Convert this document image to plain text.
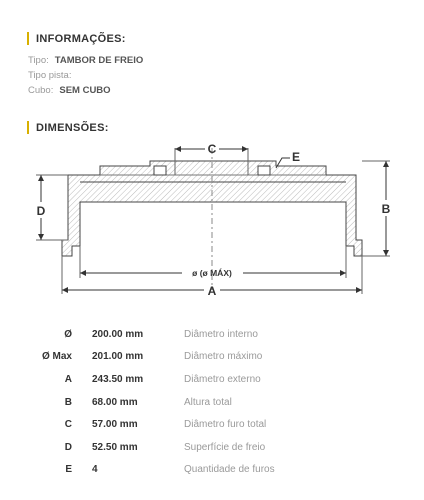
INFORMAÇÕES:
Tipo: TAMBOR DE FREIO
Tipo pista:
Cubo: SEM CUBO
DIMENSÕES:
C
E
D	B
ø (ø MÁX)
A
Ø 200.00 mm	Diâmetro interno
Ø Max 201.00 mm	Diâmetro máximo
A 243.50 mm	Diâmetro externo
B 68.00 mm	Altura total
C 57.00 mm	Diâmetro furo total
D 52.50 mm	Superfície de freio
E 4	Quantidade de furos
